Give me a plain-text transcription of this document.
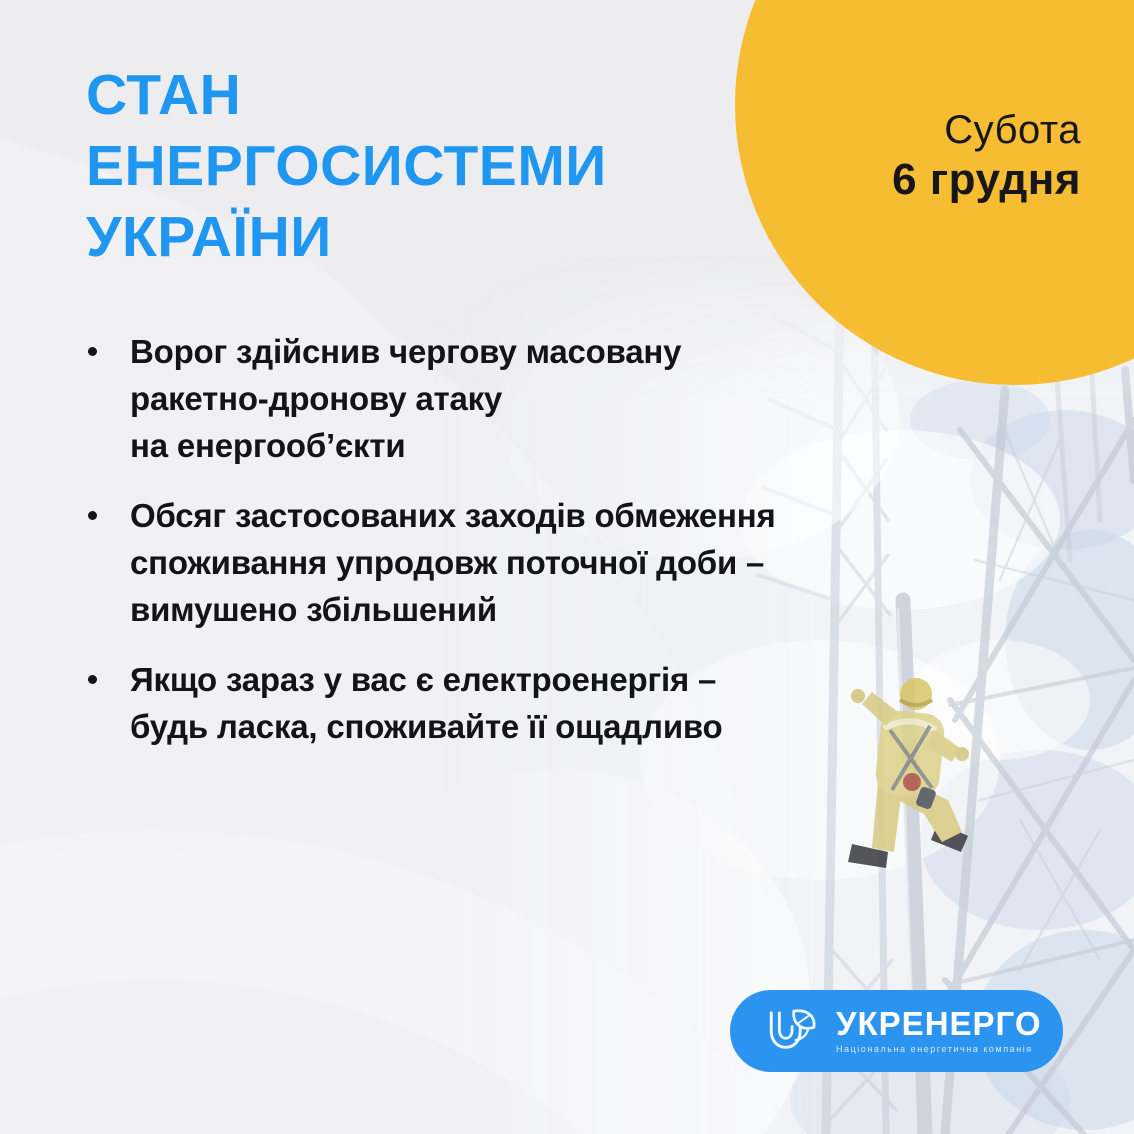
Субота
6 грудня
СТАН
ЕНЕРГОСИСТЕМИ
УКРАЇНИ
Ворог здійснив чергову масовану
ракетно-дронову атаку
на енергооб’єкти
Обсяг застосованих заходів обмеження
споживання упродовж поточної доби –
вимушено збільшений
Якщо зараз у вас є електроенергія –
будь ласка, споживайте її ощадливо
УКРЕНЕРГО
Національна енергетична компанія
